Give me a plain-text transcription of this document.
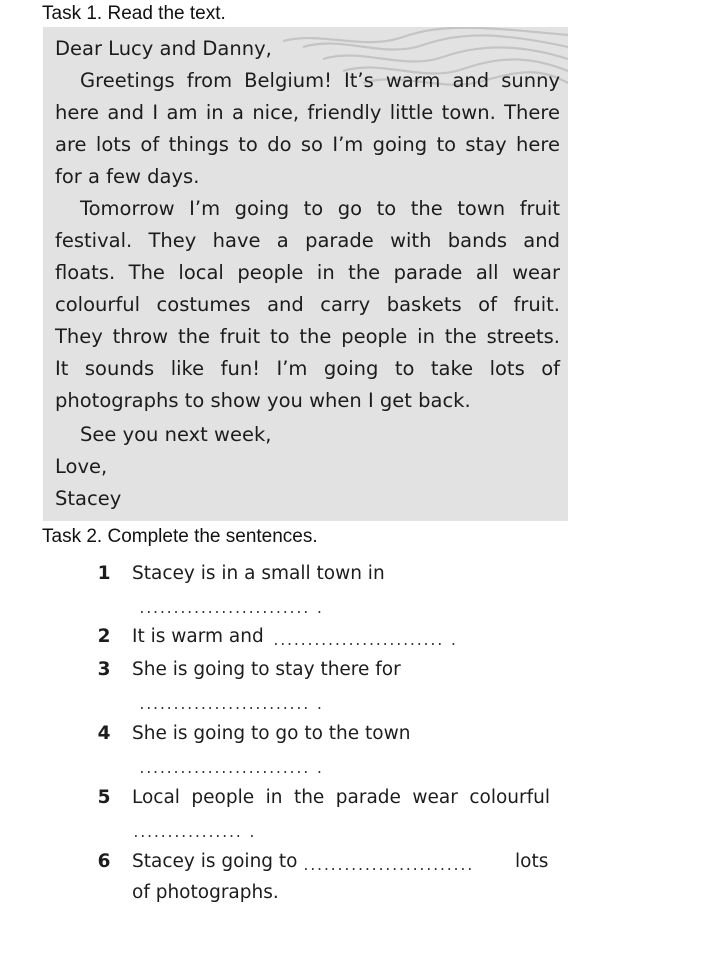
Task 1. Read the text.
Dear Lucy and Danny,
Greetings from Belgium! It’s warm and sunny
here and I am in a nice, friendly little town. There
are lots of things to do so I’m going to stay here
for a few days.
Tomorrow I’m going to go to the town fruit
festival. They have a parade with bands and
floats. The local people in the parade all wear
colourful costumes and carry baskets of fruit.
They throw the fruit to the people in the streets.
It sounds like fun! I’m going to take lots of
photographs to show you when I get back.
See you next week,
Love,
Stacey
Task 2. Complete the sentences.
1 Stacey is in a small town in
......................... .
2 It is warm and ......................... .
3 She is going to stay there for
......................... .
4 She is going to go to the town
......................... .
5 Local people in the parade wear colourful
................ .
6 Stacey is going to ......................... lots
of photographs.
